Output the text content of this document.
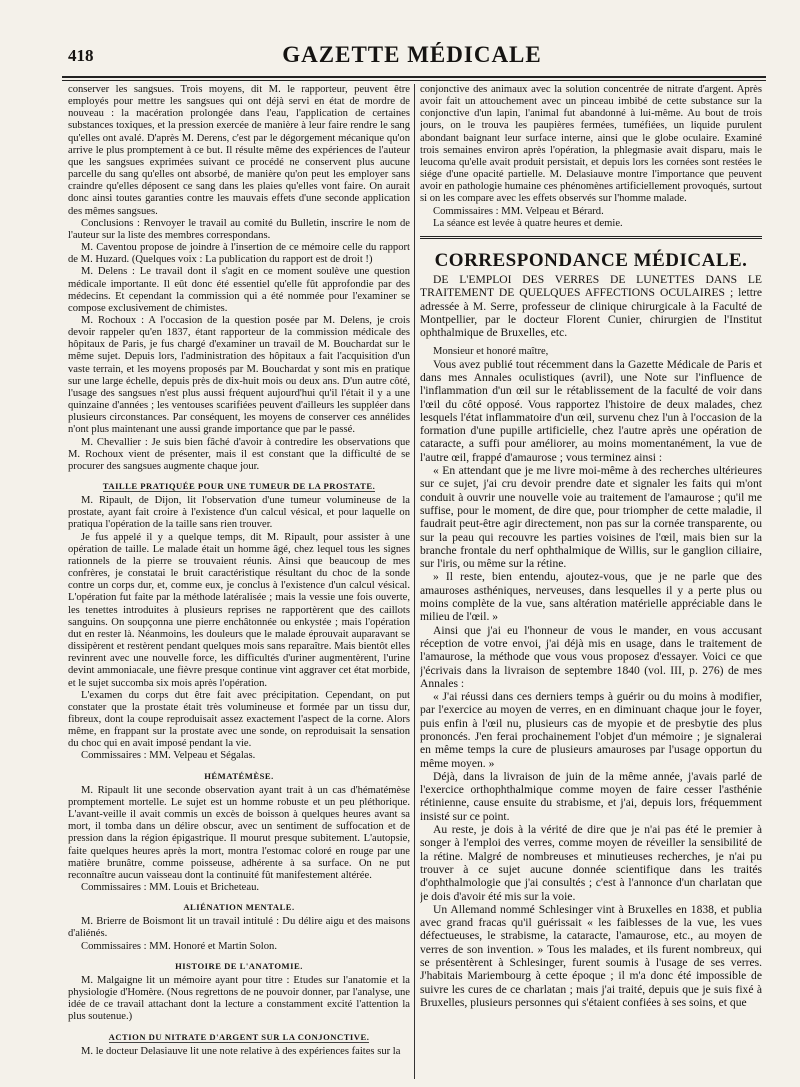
418	GAZETTE MÉDICALE

conserver les sangsues. Trois moyens, dit M. le rapporteur, peuvent être employés pour mettre les sangsues qui ont déjà servi en état de mordre de nouveau : la macération prolongée dans l'eau, l'application de certaines substances toxiques, et la pression exercée de manière à leur faire rendre le sang qu'elles ont avalé. D'après M. Derens, c'est par le dégorgement mécanique qu'on arrive le plus promptement à ce but. Il résulte même des expériences de l'auteur que les sangsues exprimées suivant ce procédé ne conservent plus aucune parcelle du sang qu'elles ont absorbé, de manière qu'on peut les employer sans craindre qu'elles déposent ce sang dans les plaies qu'elles vont faire. On aurait donc ainsi toutes garanties contre les mauvais effets d'une seconde application des mêmes sangsues.

Conclusions : Renvoyer le travail au comité du Bulletin, inscrire le nom de l'auteur sur la liste des membres correspondans.

M. Caventou propose de joindre à l'insertion de ce mémoire celle du rapport de M. Huzard. (Quelques voix : La publication du rapport est de droit !)

M. Delens : Le travail dont il s'agit en ce moment soulève une question médicale importante. Il eût donc été essentiel qu'elle fût approfondie par des médecins. Et cependant la commission qui a été nommée pour l'examiner se compose exclusivement de chimistes.

M. Rochoux : A l'occasion de la question posée par M. Delens, je crois devoir rappeler qu'en 1837, étant rapporteur de la commission médicale des hôpitaux de Paris, je fus chargé d'examiner un travail de M. Bouchardat sur le même sujet. Depuis lors, l'administration des hôpitaux a fait l'acquisition d'un vaste terrain, et les moyens proposés par M. Bouchardat y sont mis en pratique sur une large échelle, depuis près de dix-huit mois ou deux ans. D'un autre côté, l'usage des sangsues n'est plus aussi fréquent aujourd'hui qu'il l'était il y a une quinzaine d'années ; les ventouses scarifiées peuvent d'ailleurs les suppléer dans plusieurs circonstances. Par conséquent, les moyens de conserver ces annélides n'ont plus maintenant une aussi grande importance que par le passé.

M. Chevallier : Je suis bien fâché d'avoir à contredire les observations que M. Rochoux vient de présenter, mais il est constant que la difficulté de se procurer des sangsues augmente chaque jour.

TAILLE PRATIQUÉE POUR UNE TUMEUR DE LA PROSTATE.

M. Ripault, de Dijon, lit l'observation d'une tumeur volumineuse de la prostate, ayant fait croire à l'existence d'un calcul vésical, et pour laquelle on pratiqua l'opération de la taille sans rien trouver.

Je fus appelé il y a quelque temps, dit M. Ripault, pour assister à une opération de taille. Le malade était un homme âgé, chez lequel tous les signes rationnels de la pierre se trouvaient réunis. Ainsi que beaucoup de mes confrères, je constatai le bruit caractéristique résultant du choc de la sonde contre un corps dur, et, comme eux, je conclus à l'existence d'un calcul vésical. L'opération fut faite par la méthode latéralisée ; mais la vessie une fois ouverte, les tenettes introduites à plusieurs reprises ne rapportèrent que des caillots sanguins. On soupçonna une pierre enchâtonnée ou enkystée ; mais l'opération dut en rester là. Néanmoins, les douleurs que le malade éprouvait auparavant se dissipèrent et restèrent pendant quelques mois sans reparaître. Mais bientôt elles revinrent avec une nouvelle force, les difficultés d'uriner augmentèrent, l'urine devint ammoniacale, une fièvre presque continue vint aggraver cet état morbide, et le sujet succomba six mois après l'opération.

L'examen du corps dut être fait avec précipitation. Cependant, on put constater que la prostate était très volumineuse et formée par un tissu dur, fibreux, dont la coupe reproduisait assez exactement l'aspect de la corne. Alors même, en frappant sur la prostate avec une sonde, on reproduisait la sensation du choc qui en avait imposé pendant la vie.

Commissaires : MM. Velpeau et Ségalas.

HÉMATÉMÈSE.

M. Ripault lit une seconde observation ayant trait à un cas d'hématémèse promptement mortelle. Le sujet est un homme robuste et un peu pléthorique. L'avant-veille il avait commis un excès de boisson à quelques heures avant sa mort, il tomba dans un délire obscur, avec un sentiment de suffocation et de pression dans la région épigastrique. Il mourut presque subitement. L'autopsie, faite quelques heures après la mort, montra l'estomac coloré en rouge par une matière brunâtre, comme poisseuse, adhérente à sa surface. On ne put reconnaître aucun vaisseau dont la continuité fût manifestement altérée.

Commissaires : MM. Louis et Bricheteau.

ALIÉNATION MENTALE.

M. Brierre de Boismont lit un travail intitulé : Du délire aigu et des maisons d'aliénés.

Commissaires : MM. Honoré et Martin Solon.

HISTOIRE DE L'ANATOMIE.

M. Malgaigne lit un mémoire ayant pour titre : Etudes sur l'anatomie et la physiologie d'Homère. (Nous regrettons de ne pouvoir donner, par l'analyse, une idée de ce travail attachant dont la lecture a constamment excité l'attention la plus soutenue.)

ACTION DU NITRATE D'ARGENT SUR LA CONJONCTIVE.

M. le docteur Delasiauve lit une note relative à des expériences faites sur la

conjonctive des animaux avec la solution concentrée de nitrate d'argent. Après avoir fait un attouchement avec un pinceau imbibé de cette substance sur la conjonctive d'un lapin, l'animal fut abandonné à lui-même. Au bout de trois jours, on le trouva les paupières fermées, tuméfiées, un liquide purulent abondant baignant leur surface interne, ainsi que le globe oculaire. Examiné trois semaines environ après l'opération, la phlegmasie avait disparu, mais le leucoma qu'elle avait produit persistait, et depuis lors les cornées sont restées le siége d'une opacité partielle. M. Delasiauve montre l'importance que peuvent avoir en pathologie humaine ces phénomènes artificiellement provoqués, surtout si on les compare avec les effets observés sur l'homme malade.

Commissaires : MM. Velpeau et Bérard.

La séance est levée à quatre heures et demie.

CORRESPONDANCE MÉDICALE.

DE L'EMPLOI DES VERRES DE LUNETTES DANS LE TRAITEMENT DE QUELQUES AFFECTIONS OCULAIRES ; lettre adressée à M. Serre, professeur de clinique chirurgicale à la Faculté de Montpellier, par le docteur Florent Cunier, chirurgien de l'Institut ophthalmique de Bruxelles, etc.

Monsieur et honoré maître,

Vous avez publié tout récemment dans la Gazette Médicale de Paris et dans mes Annales oculistiques (avril), une Note sur l'influence de l'inflammation d'un œil sur le rétablissement de la faculté de voir dans l'œil du côté opposé. Vous rapportez l'histoire de deux malades, chez lesquels l'état inflammatoire d'un œil, survenu chez l'un à l'occasion de la formation d'une pupille artificielle, chez l'autre après une opération de cataracte, a suffi pour améliorer, au moins momentanément, la vue de l'autre œil, frappé d'amaurose ; vous terminez ainsi :

« En attendant que je me livre moi-même à des recherches ultérieures sur ce sujet, j'ai cru devoir prendre date et signaler les faits qui m'ont conduit à ouvrir une nouvelle voie au traitement de l'amaurose ; qu'il me suffise, pour le moment, de dire que, pour triompher de cette maladie, il faudrait peut-être agir directement, non pas sur la cornée transparente, ou sur la peau qui recouvre les parties voisines de l'œil, mais bien sur la branche frontale du nerf ophthalmique de Willis, sur le ganglion ciliaire, sur l'iris, ou même sur la rétine.

» Il reste, bien entendu, ajoutez-vous, que je ne parle que des amauroses asthéniques, nerveuses, dans lesquelles il y a perte plus ou moins complète de la vue, sans altération matérielle appréciable dans le milieu de l'œil. »

Ainsi que j'ai eu l'honneur de vous le mander, en vous accusant réception de votre envoi, j'ai déjà mis en usage, dans le traitement de l'amaurose, la méthode que vous vous proposez d'essayer. Voici ce que j'écrivais dans la livraison de septembre 1840 (vol. III, p. 276) de mes Annales :

« J'ai réussi dans ces derniers temps à guérir ou du moins à modifier, par l'exercice au moyen de verres, en en diminuant chaque jour le foyer, puis enfin à l'œil nu, plusieurs cas de myopie et de presbytie des plus prononcés. J'en ferai prochainement l'objet d'un mémoire ; je signalerai en même temps la cure de plusieurs amauroses par l'usage opportun du même moyen. »

Déjà, dans la livraison de juin de la même année, j'avais parlé de l'exercice orthophthalmique comme moyen de faire cesser l'asthénie rétinienne, cause ensuite du strabisme, et j'ai, depuis lors, fréquemment insisté sur ce point.

Au reste, je dois à la vérité de dire que je n'ai pas été le premier à songer à l'emploi des verres, comme moyen de réveiller la sensibilité de la rétine. Malgré de nombreuses et minutieuses recherches, je n'ai pu trouver à ce sujet aucune donnée scientifique dans les traités d'ophthalmologie que j'ai consultés ; c'est à l'annonce d'un charlatan que je dois d'avoir été mis sur la voie.

Un Allemand nommé Schlesinger vint à Bruxelles en 1838, et publia avec grand fracas qu'il guérissait « les faiblesses de la vue, les vues défectueuses, le strabisme, la cataracte, l'amaurose, etc., au moyen de verres de son invention. » Tous les malades, et ils furent nombreux, qui se présentèrent à Schlesinger, furent soumis à l'usage de ses verres. J'habitais Mariembourg à cette époque ; il m'a donc été impossible de suivre les cures de ce charlatan ; mais j'ai traité, depuis que je suis fixé à Bruxelles, plusieurs personnes qui s'étaient confiées à ses soins, et que
